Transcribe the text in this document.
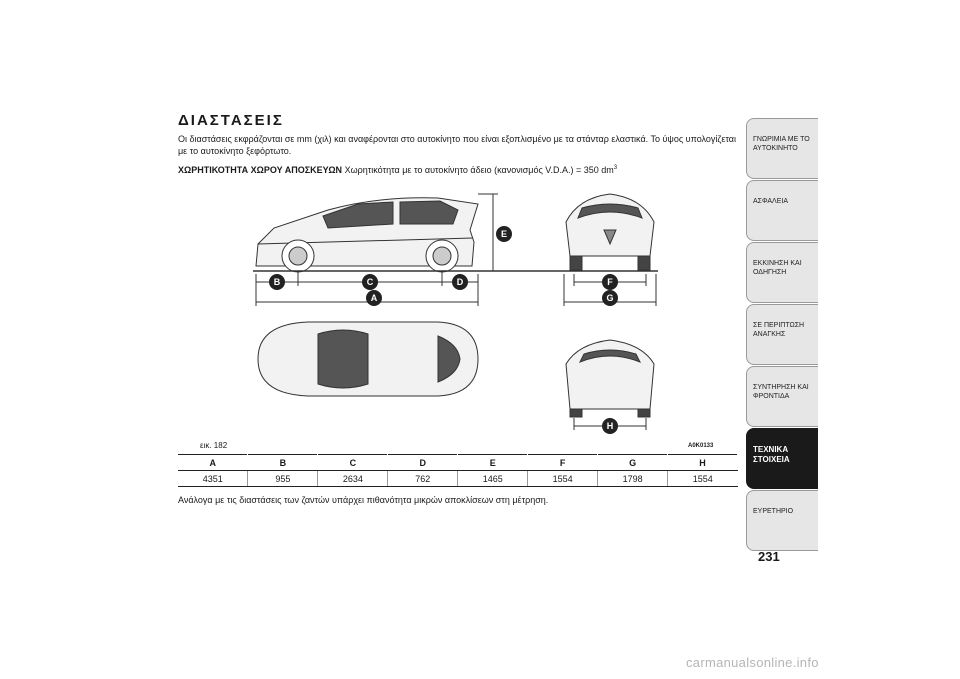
ΔΙΑΣΤΑΣΕΙΣ

Οι διαστάσεις εκφράζονται σε mm (χιλ) και αναφέρονται στο αυτοκίνητο που είναι εξοπλισμένο με τα στάνταρ ελαστικά. Το ύψος υπολογίζεται με το αυτοκίνητο ξεφόρτωτο.

ΧΩΡΗΤΙΚΟΤΗΤΑ ΧΩΡΟΥ ΑΠΟΣΚΕΥΩΝ Χωρητικότητα με το αυτοκίνητο άδειο (κανονισμός V.D.A.) = 350 $dm^3$

E
B	C	D
A
F
G
H

εικ. 182	A0K0133

A	B	C	D	E	F	G	H
4351	955	2634	762	1465	1554	1798	1554

Ανάλογα με τις διαστάσεις των ζαντών υπάρχει πιθανότητα μικρών αποκλίσεων στη μέτρηση.

ΓΝΩΡΙΜΙΑ ΜΕ ΤΟ
ΑΥΤΟΚΙΝΗΤΟ
ΑΣΦΑΛΕΙΑ
ΕΚΚΙΝΗΣΗ ΚΑΙ
ΟΔΗΓΗΣΗ
ΣΕ ΠΕΡΙΠΤΩΣΗ
ΑΝΑΓΚΗΣ
ΣΥΝΤΗΡΗΣΗ ΚΑΙ
ΦΡΟΝΤΙΔΑ
ΤΕΧΝΙΚΑ
ΣΤΟΙΧΕΙΑ
ΕΥΡΕΤΗΡΙΟ

231

carmanualsonline.info
